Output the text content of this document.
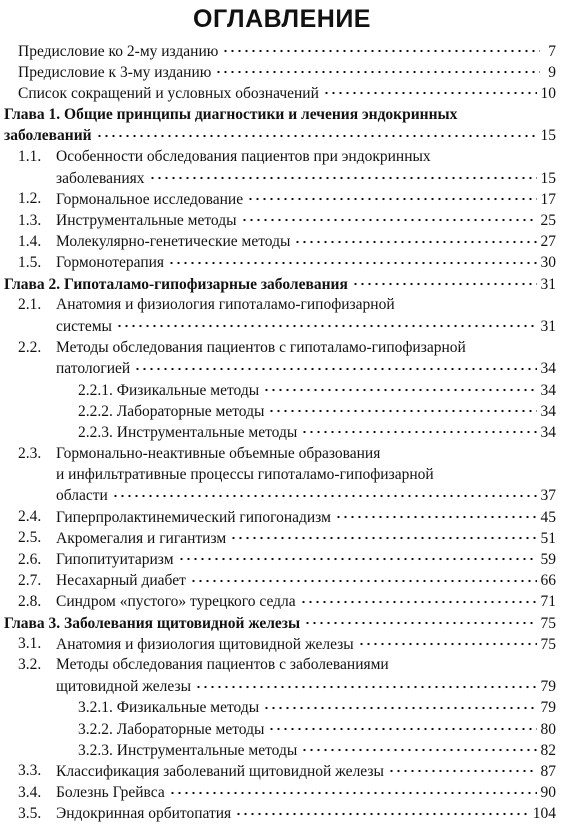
ОГЛАВЛЕНИЕ
Предисловие ко 2-му изданию	7
Предисловие к 3-му изданию	9
Список сокращений и условных обозначений	10
Глава 1. Общие принципы диагностики и лечения эндокринных
заболеваний	15
1.1. Особенности обследования пациентов при эндокринных
заболеваниях	15
1.2. Гормональное исследование	17
1.3. Инструментальные методы	25
1.4. Молекулярно-генетические методы	27
1.5. Гормонотерапия	30
Глава 2. Гипоталамо-гипофизарные заболевания	31
2.1. Анатомия и физиология гипоталамо-гипофизарной
системы	31
2.2. Методы обследования пациентов с гипоталамо-гипофизарной
патологией	34
2.2.1. Физикальные методы	34
2.2.2. Лабораторные методы	34
2.2.3. Инструментальные методы	34
2.3. Гормонально-неактивные объемные образования
и инфильтративные процессы гипоталамо-гипофизарной
области	37
2.4. Гиперпролактинемический гипогонадизм	45
2.5. Акромегалия и гигантизм	51
2.6. Гипопитуитаризм	59
2.7. Несахарный диабет	66
2.8. Синдром «пустого» турецкого седла	71
Глава 3. Заболевания щитовидной железы	75
3.1. Анатомия и физиология щитовидной железы	75
3.2. Методы обследования пациентов с заболеваниями
щитовидной железы	79
3.2.1. Физикальные методы	79
3.2.2. Лабораторные методы	80
3.2.3. Инструментальные методы	82
3.3. Классификация заболеваний щитовидной железы	87
3.4. Болезнь Грейвса	90
3.5. Эндокринная орбитопатия	104
